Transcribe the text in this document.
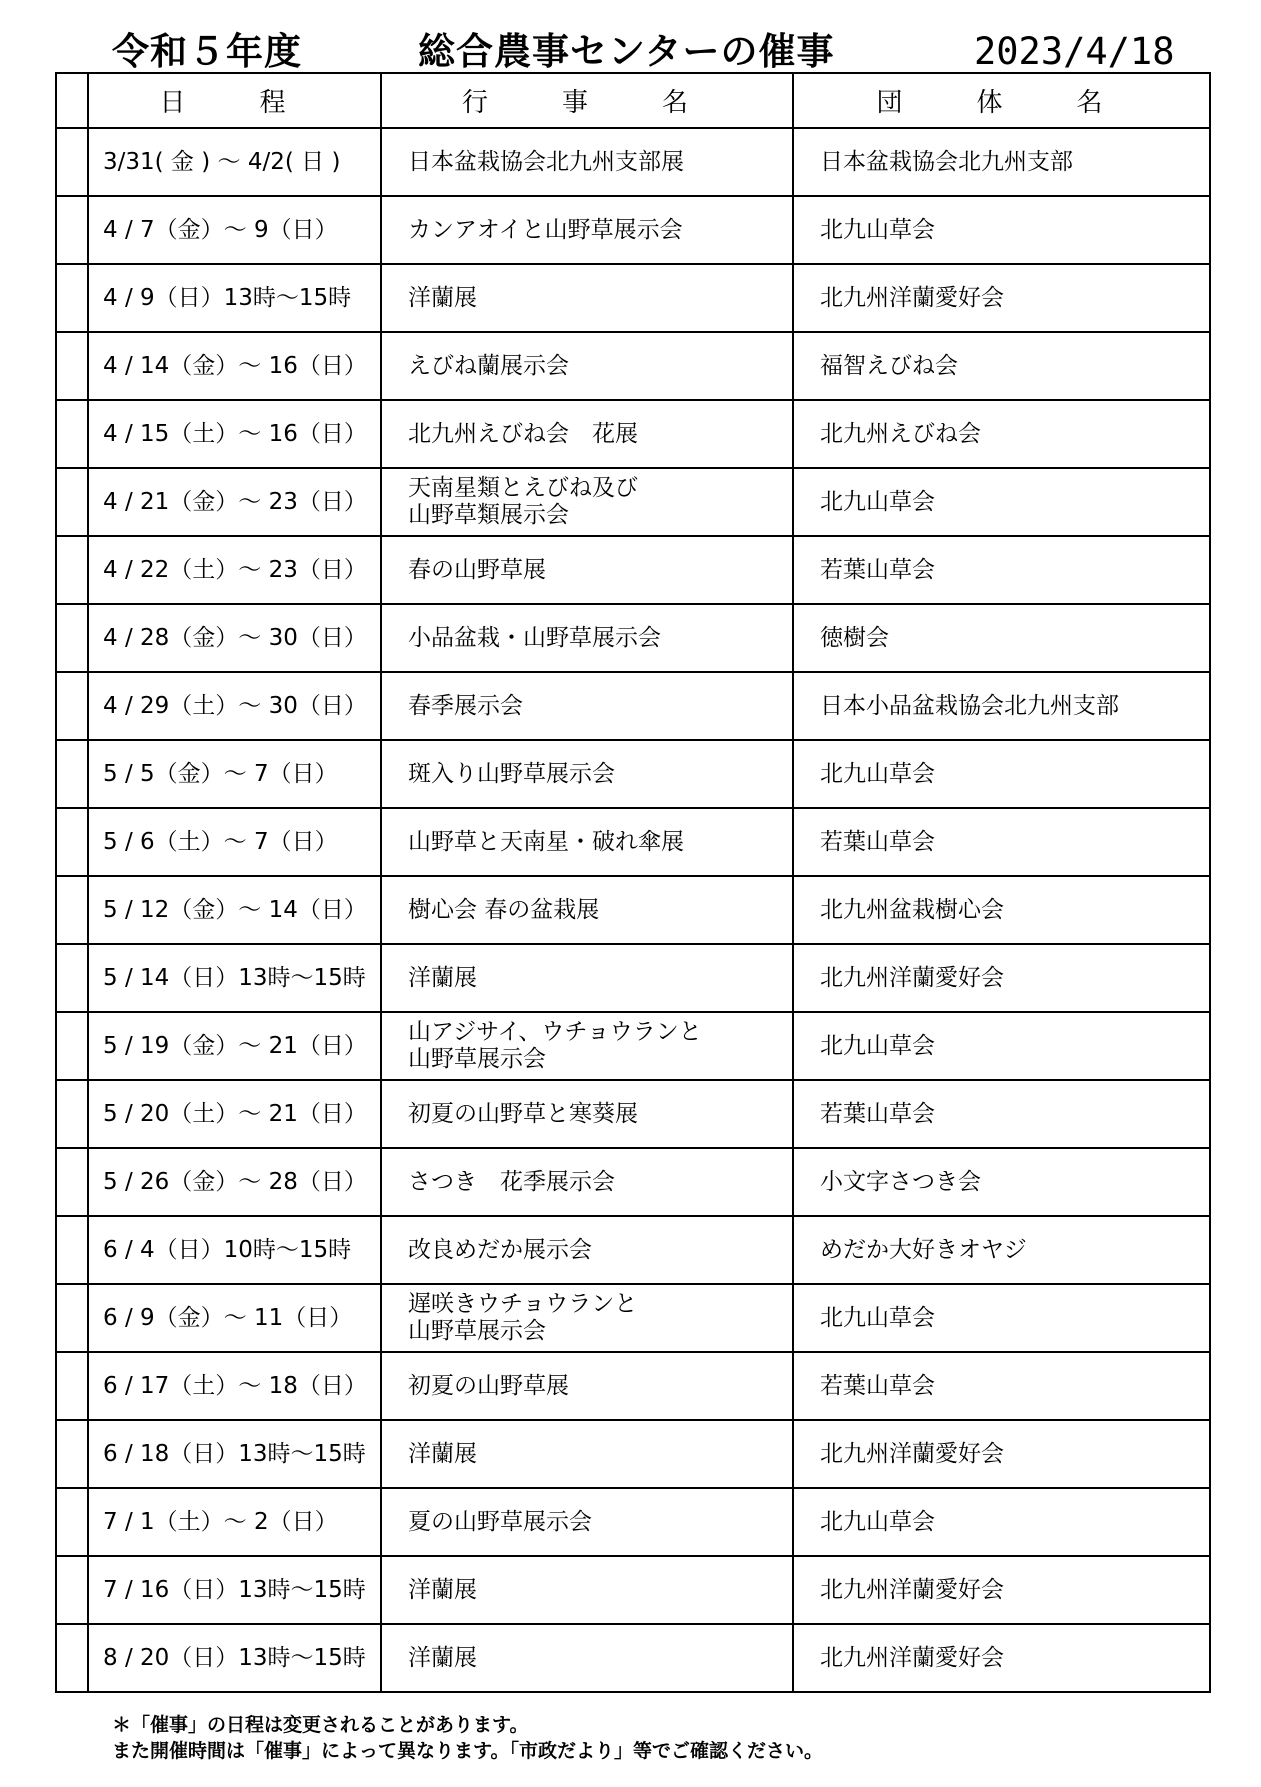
令和５年度	総合農事センターの催事	2023/4/18
	日　程	行　事　名	団　体　名
	3/31( 金 ) ～ 4/2( 日 )	日本盆栽協会北九州支部展	日本盆栽協会北九州支部
	4 / 7（金）～ 9（日）	カンアオイと山野草展示会	北九山草会
	4 / 9（日）13時～15時	洋蘭展	北九州洋蘭愛好会
	4 / 14（金）～ 16（日）	えびね蘭展示会	福智えびね会
	4 / 15（土）～ 16（日）	北九州えびね会　花展	北九州えびね会
	4 / 21（金）～ 23（日）	天南星類とえびね及び
山野草類展示会	北九山草会
	4 / 22（土）～ 23（日）	春の山野草展	若葉山草会
	4 / 28（金）～ 30（日）	小品盆栽・山野草展示会	徳樹会
	4 / 29（土）～ 30（日）	春季展示会	日本小品盆栽協会北九州支部
	5 / 5（金）～ 7（日）	斑入り山野草展示会	北九山草会
	5 / 6（土）～ 7（日）	山野草と天南星・破れ傘展	若葉山草会
	5 / 12（金）～ 14（日）	樹心会 春の盆栽展	北九州盆栽樹心会
	5 / 14（日）13時～15時	洋蘭展	北九州洋蘭愛好会
	5 / 19（金）～ 21（日）	山アジサイ、ウチョウランと
山野草展示会	北九山草会
	5 / 20（土）～ 21（日）	初夏の山野草と寒葵展	若葉山草会
	5 / 26（金）～ 28（日）	さつき　花季展示会	小文字さつき会
	6 / 4（日）10時～15時	改良めだか展示会	めだか大好きオヤジ
	6 / 9（金）～ 11（日）	遅咲きウチョウランと
山野草展示会	北九山草会
	6 / 17（土）～ 18（日）	初夏の山野草展	若葉山草会
	6 / 18（日）13時～15時	洋蘭展	北九州洋蘭愛好会
	7 / 1（土）～ 2（日）	夏の山野草展示会	北九山草会
	7 / 16（日）13時～15時	洋蘭展	北九州洋蘭愛好会
	8 / 20（日）13時～15時	洋蘭展	北九州洋蘭愛好会
＊「催事」の日程は変更されることがあります。
また開催時間は「催事」によって異なります。「市政だより」等でご確認ください。
